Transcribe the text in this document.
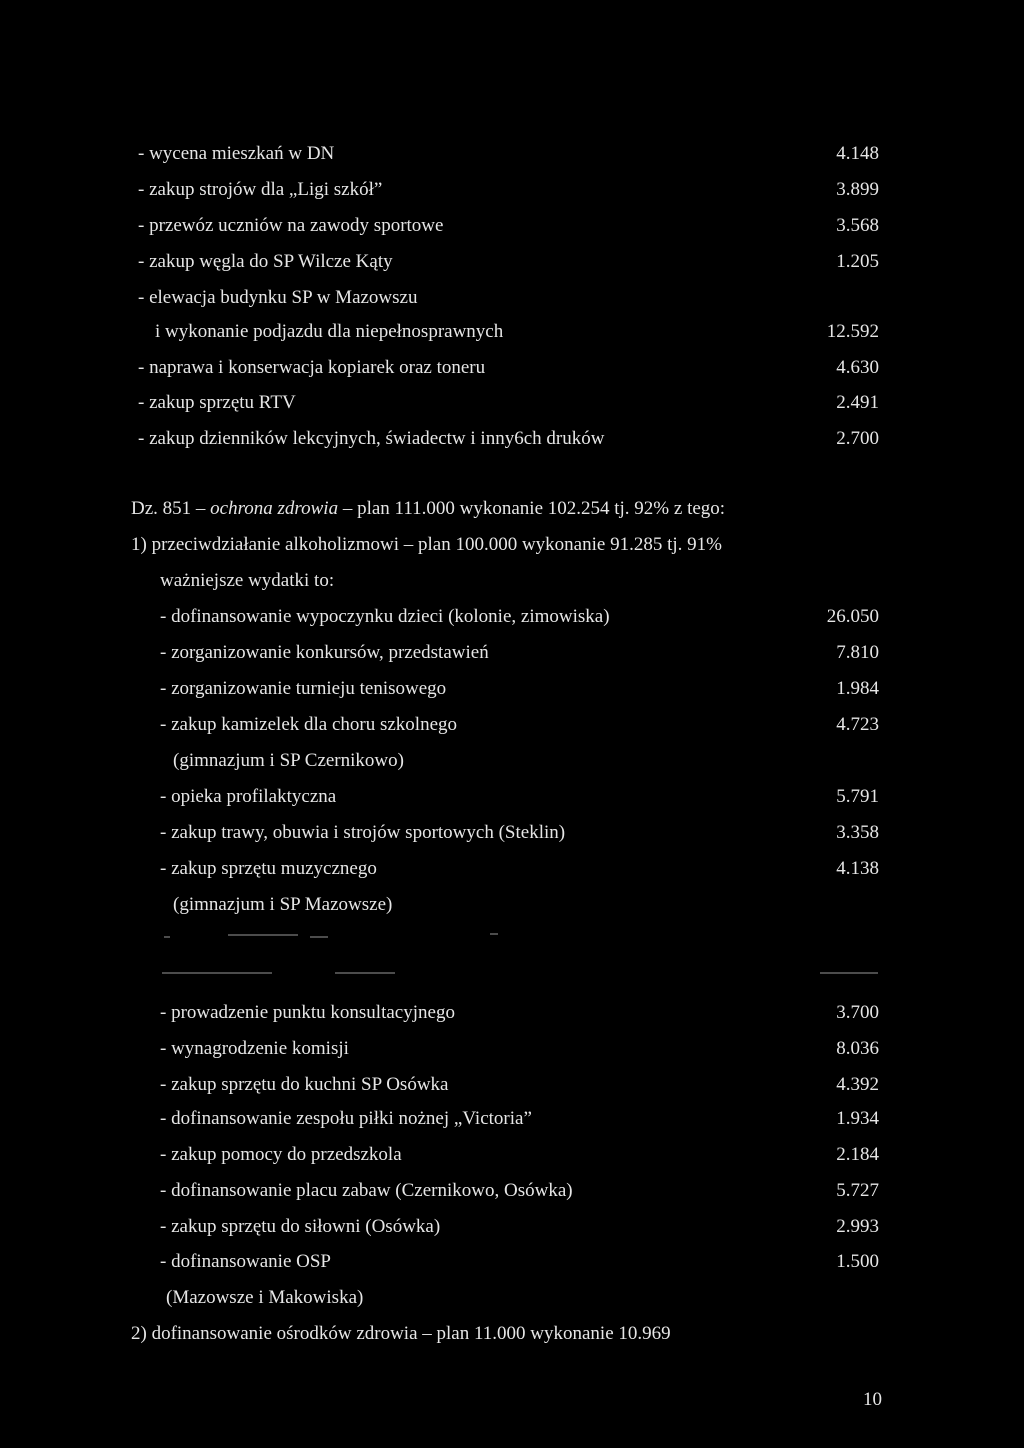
- wycena mieszkań w DN	4.148
- zakup strojów dla „Ligi szkół”	3.899
- przewóz uczniów na zawody sportowe	3.568
- zakup węgla do SP Wilcze Kąty	1.205
- elewacja budynku SP w Mazowszu
i wykonanie podjazdu dla niepełnosprawnych	12.592
- naprawa i konserwacja kopiarek oraz toneru	4.630
- zakup sprzętu RTV	2.491
- zakup dzienników lekcyjnych, świadectw i inny6ch druków	2.700
Dz. 851 – ochrona zdrowia – plan 111.000 wykonanie 102.254 tj. 92% z tego:
1) przeciwdziałanie alkoholizmowi – plan 100.000 wykonanie 91.285 tj. 91%
ważniejsze wydatki to:
- dofinansowanie wypoczynku dzieci (kolonie, zimowiska)	26.050
- zorganizowanie konkursów, przedstawień	7.810
- zorganizowanie turnieju tenisowego	1.984
- zakup kamizelek dla choru szkolnego	4.723
(gimnazjum i SP Czernikowo)
- opieka profilaktyczna	5.791
- zakup trawy, obuwia i strojów sportowych (Steklin)	3.358
- zakup sprzętu muzycznego	4.138
(gimnazjum i SP Mazowsze)
- prowadzenie punktu konsultacyjnego	3.700
- wynagrodzenie komisji	8.036
- zakup sprzętu do kuchni SP Osówka	4.392
- dofinansowanie zespołu piłki nożnej „Victoria”	1.934
- zakup pomocy do przedszkola	2.184
- dofinansowanie placu zabaw (Czernikowo, Osówka)	5.727
- zakup sprzętu do siłowni (Osówka)	2.993
- dofinansowanie OSP	1.500
(Mazowsze i Makowiska)
2) dofinansowanie ośrodków zdrowia – plan 11.000 wykonanie 10.969
10
